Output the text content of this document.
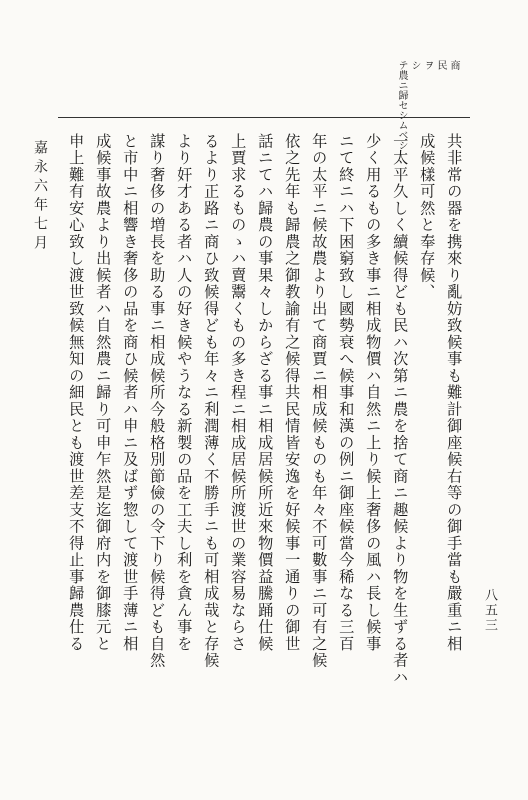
商
民
ヲ
シ
テ農ニ歸セシムベシ
共非常の器を携來り亂妨致候事も難計御座候右等の御手當も嚴重ニ相
成候樣可然と奉存候、
一太平久しく續候得ども民ハ次第ニ農を捨て商ニ趣候より物を生ずる者ハ
少く用るもの多き事ニ相成物價ハ自然ニ上り候上奢侈の風ハ長し候事
ニて終ニハ下困窮致し國勢衰へ候事和漢の例ニ御座候當今稀なる三百
年の太平ニ候故農より出て商賈ニ相成候ものも年々不可數事ニ可有之候
依之先年も歸農之御教諭有之候得共民情皆安逸を好候事一通りの御世
話ニてハ歸農の事果々しからざる事ニ相成居候所近來物價益騰踊仕候
上賈求るものゝハ賣鬻くもの多き程ニ相成居候所渡世の業容易ならさ
るより正路ニ商ひ致候得ども年々ニ利潤薄く不勝手ニも可相成哉と存候
より奸才ある者ハ人の好き候やうなる新製の品を工夫し利を貪ん事を
謀り奢侈の増長を助る事ニ相成候所今般格別節儉の令下り候得ども自然
と市中ニ相響き奢侈の品を商ひ候者ハ申ニ及ばず惣して渡世手薄ニ相
成候事故農より出候者ハ自然農ニ歸り可申乍然是迄御府内を御膝元と
申上難有安心致し渡世致候無知の細民とも渡世差支不得止事歸農仕る
嘉永六年七月
八五三
